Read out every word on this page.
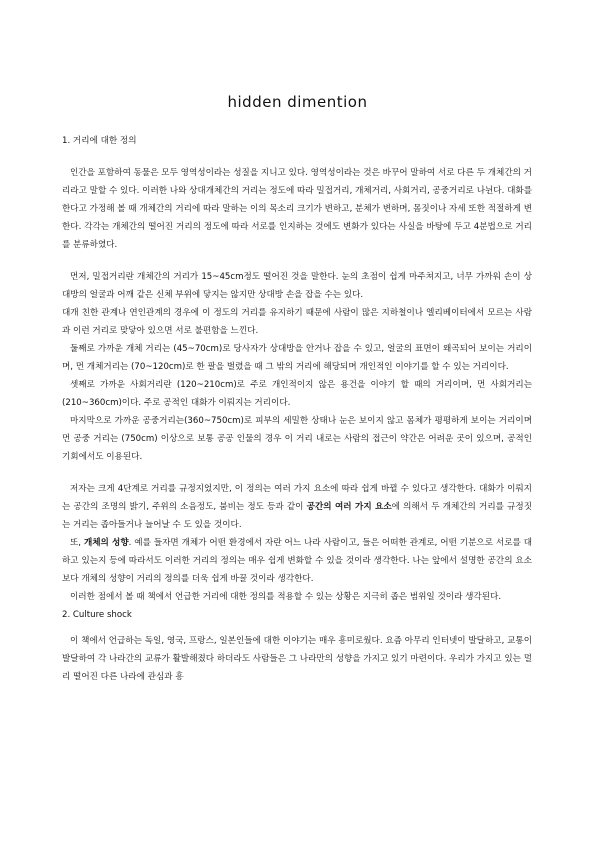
hidden dimention

1. 거리에 대한 정의

인간을 포함하여 동물은 모두 영역성이라는 성질을 지니고 있다. 영역성이라는 것은 바꾸어 말하여 서로 다른 두 개체간의 거리라고 말할 수 있다. 이러한 나와 상대개체간의 거리는 정도에 따라 밀접거리, 개체거리, 사회거리, 공중거리로 나뉜다. 대화를 한다고 가정해 볼 때 개체간의 거리에 따라 말하는 이의 목소리 크기가 변하고, 분체가 변하며, 몸짓이나 자세 또한 적절하게 변한다. 각각는 개체간의 떨어진 거리의 정도에 따라 서로를 인지하는 것에도 변화가 있다는 사실을 바탕에 두고 4분법으로 거리를 분류하였다.

먼저, 밀접거리란 개체간의 거리가 15~45cm정도 떨어진 것을 말한다. 눈의 초점이 쉽게 마주쳐지고, 너무 가까워 손이 상대방의 얼굴과 어깨 같은 신체 부위에 닿지는 않지만 상대방 손을 잡을 수는 있다.

대개 친한 관계나 연인관계의 경우에 이 정도의 거리를 유지하기 때문에 사람이 많은 지하철이나 엘리베이터에서 모르는 사람과 이런 거리로 맞닿아 있으면 서로 불편함을 느낀다.

둘째로 가까운 개체 거리는 (45~70cm)로 당사자가 상대방을 안거나 잡을 수 있고, 얼굴의 표면이 왜곡되어 보이는 거리이며, 먼 개체거리는 (70~120cm)로 한 팔을 벌렸을 때 그 밖의 거리에 해당되며 개인적인 이야기를 할 수 있는 거리이다.

셋째로 가까운 사회거리란 (120~210cm)로 주로 개인적이지 않은 용건을 이야기 할 때의 거리이며, 먼 사회거리는 (210~360cm)이다. 주로 공적인 대화가 이뤄지는 거리이다.

마지막으로 가까운 공중거리는(360~750cm)로 피부의 세밀한 상태나 눈은 보이지 않고 몸체가 평평하게 보이는 거리이며 먼 공중 거리는 (750cm) 이상으로 보통 공공 인물의 경우 이 거리 내로는 사람의 접근이 약간은 어려운 곳이 있으며, 공적인 기회에서도 이용된다.

저자는 크게 4단계로 거리를 규정지었지만, 이 정의는 여러 가지 요소에 따라 쉽게 바뀔 수 있다고 생각한다. 대화가 이뤄지는 공간의 조명의 밝기, 주위의 소음정도, 붐비는 정도 등과 같이 공간의 여러 가지 요소에 의해서 두 개체간의 거리를 규정짓는 거리는 좁아들거나 늘어날 수 도 있을 것이다.

또, 개체의 성향. 예를 들자면 개체가 어떤 환경에서 자란 어느 나라 사람이고, 들은 어떠한 관계로, 어떤 기분으로 서로를 대하고 있는지 등에 따라서도 이러한 거리의 정의는 매우 쉽게 변화할 수 있을 것이라 생각한다. 나는 앞에서 설명한 공간의 요소보다 개체의 성향이 거리의 정의를 더욱 쉽게 바꿀 것이라 생각한다.

이러한 점에서 볼 때 책에서 언급한 거리에 대한 정의를 적용할 수 있는 상황은 지극히 좁은 범위일 것이라 생각된다.

2. Culture shock

이 책에서 언급하는 독일, 영국, 프랑스, 일본인들에 대한 이야기는 매우 흥미로웠다. 요즘 아무리 인터넷이 발달하고, 교통이 발달하여 각 나라간의 교류가 활발해졌다 하더라도 사람들은 그 나라만의 성향을 가지고 있기 마련이다. 우리가 가지고 있는 멀리 떨어진 다른 나라에 관심과 흥
